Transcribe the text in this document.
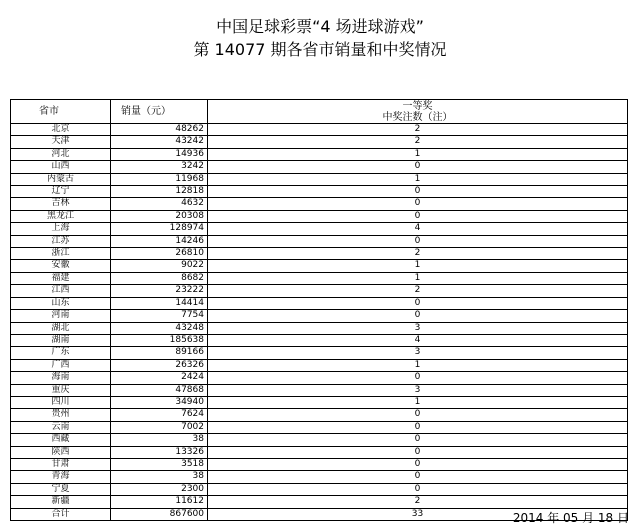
中国足球彩票“4 场进球游戏”
第 14077 期各省市销量和中奖情况
省市	销量（元）	一等奖
中奖注数（注）
北京	48262	2
天津	43242	2
河北	14936	1
山西	3242	0
内蒙古	11968	1
辽宁	12818	0
吉林	4632	0
黑龙江	20308	0
上海	128974	4
江苏	14246	0
浙江	26810	2
安徽	9022	1
福建	8682	1
江西	23222	2
山东	14414	0
河南	7754	0
湖北	43248	3
湖南	185638	4
广东	89166	3
广西	26326	1
海南	2424	0
重庆	47868	3
四川	34940	1
贵州	7624	0
云南	7002	0
西藏	38	0
陕西	13326	0
甘肃	3518	0
青海	38	0
宁夏	2300	0
新疆	11612	2
合计	867600	33	2014 年 05 月 18 日
